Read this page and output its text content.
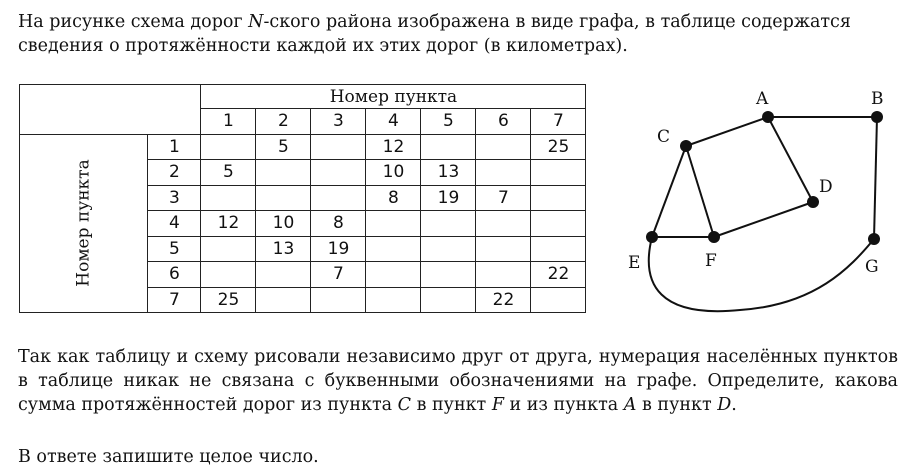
На рисунке схема дорог N-ского района изображена в виде графа, в таблице содержатся сведения о протяжённости каждой их этих дорог (в километрах).

		Номер пункта						
		1	2	3	4	5	6	7
Номер пункта	1		5		12			25
	2	5			10	13		
	3				8	19	7	
	4	12	10	8				
	5		13	19				
	6			7				22
	7	25					22	
A	B
C
D
E	F	G

Так как таблицу и схему рисовали независимо друг от друга, нумерация населённых пунктов в таблице никак не связана с буквенными обозначениями на графе. Определите, какова сумма протяжённостей дорог из пункта C в пункт F и из пункта A в пункт D.

В ответе запишите целое число.
